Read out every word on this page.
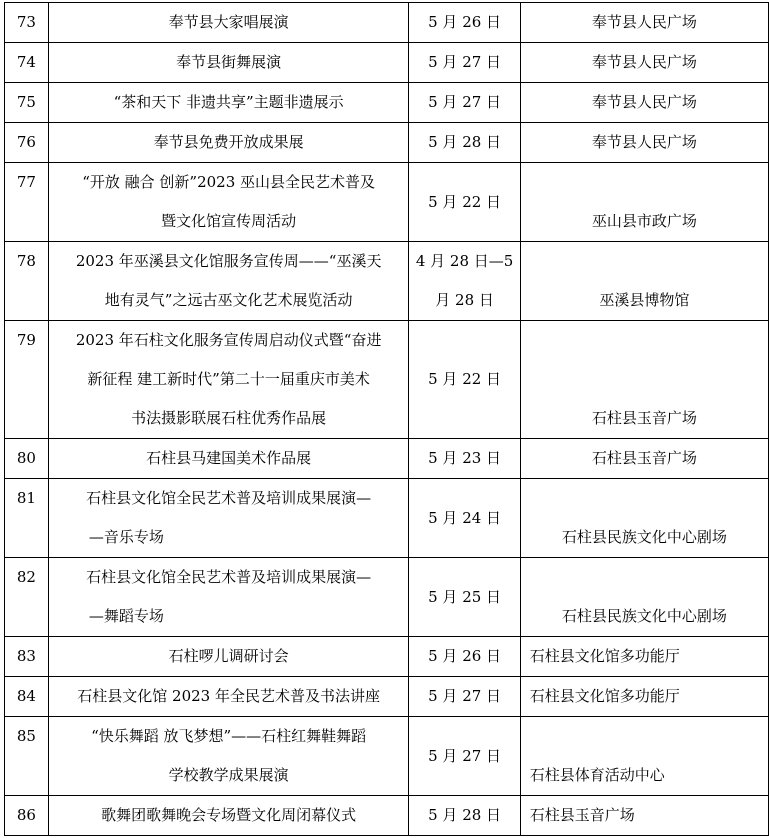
73	奉节县大家唱展演	5 月 26 日	奉节县人民广场
74	奉节县街舞展演	5 月 27 日	奉节县人民广场
75	“茶和天下 非遗共享”主题非遗展示	5 月 27 日	奉节县人民广场
76	奉节县免费开放成果展	5 月 28 日	奉节县人民广场
77	“开放 融合 创新”2023 巫山县全民艺术普及
暨文化馆宣传周活动	5 月 22 日	巫山县市政广场
78	2023 年巫溪县文化馆服务宣传周——“巫溪天
地有灵气”之远古巫文化艺术展览活动	4 月 28 日—5
月 28 日	巫溪县博物馆
79	2023 年石柱文化服务宣传周启动仪式暨“奋进
新征程 建工新时代”第二十一届重庆市美术
书法摄影联展石柱优秀作品展	5 月 22 日	石柱县玉音广场
80	石柱县马建国美术作品展	5 月 23 日	石柱县玉音广场
81	石柱县文化馆全民艺术普及培训成果展演—
—音乐专场	5 月 24 日	石柱县民族文化中心剧场
82	石柱县文化馆全民艺术普及培训成果展演—
—舞蹈专场	5 月 25 日	石柱县民族文化中心剧场
83	石柱啰儿调研讨会	5 月 26 日	石柱县文化馆多功能厅
84	石柱县文化馆 2023 年全民艺术普及书法讲座	5 月 27 日	石柱县文化馆多功能厅
85	“快乐舞蹈 放飞梦想”——石柱红舞鞋舞蹈
学校教学成果展演	5 月 27 日	石柱县体育活动中心
86	歌舞团歌舞晚会专场暨文化周闭幕仪式	5 月 28 日	石柱县玉音广场
